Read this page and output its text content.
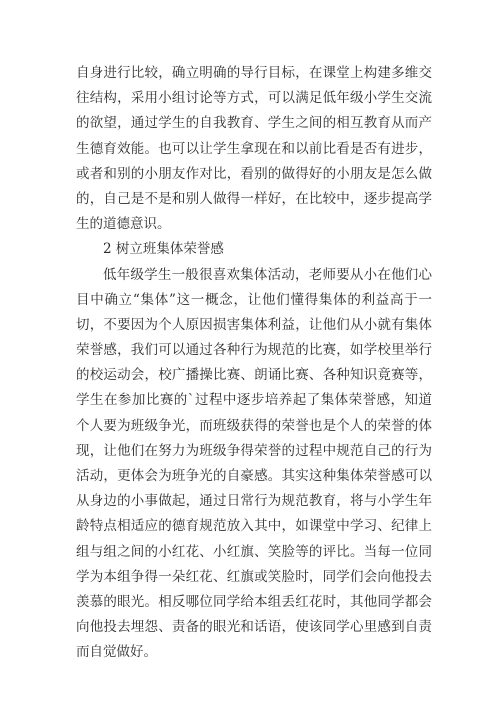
自身进行比较，确立明确的导行目标，在课堂上构建多维交
往结构，采用小组讨论等方式，可以满足低年级小学生交流
的欲望，通过学生的自我教育、学生之间的相互教育从而产
生德育效能。也可以让学生拿现在和以前比看是否有进步，
或者和别的小朋友作对比，看别的做得好的小朋友是怎么做
的，自己是不是和别人做得一样好，在比较中，逐步提高学
生的道德意识。
2 树立班集体荣誉感
低年级学生一般很喜欢集体活动，老师要从小在他们心
目中确立“集体”这一概念，让他们懂得集体的利益高于一
切，不要因为个人原因损害集体利益，让他们从小就有集体
荣誉感，我们可以通过各种行为规范的比赛，如学校里举行
的校运动会，校广播操比赛、朗诵比赛、各种知识竟赛等，
学生在参加比赛的`过程中逐步培养起了集体荣誉感，知道
个人要为班级争光，而班级获得的荣誉也是个人的荣誉的体
现，让他们在努力为班级争得荣誉的过程中规范自己的行为
活动，更体会为班争光的自豪感。其实这种集体荣誉感可以
从身边的小事做起，通过日常行为规范教育，将与小学生年
龄特点相适应的德育规范放入其中，如课堂中学习、纪律上
组与组之间的小红花、小红旗、笑脸等的评比。当每一位同
学为本组争得一朵红花、红旗或笑脸时，同学们会向他投去
羡慕的眼光。相反哪位同学给本组丢红花时，其他同学都会
向他投去埋怨、责备的眼光和话语，使该同学心里感到自责
而自觉做好。
